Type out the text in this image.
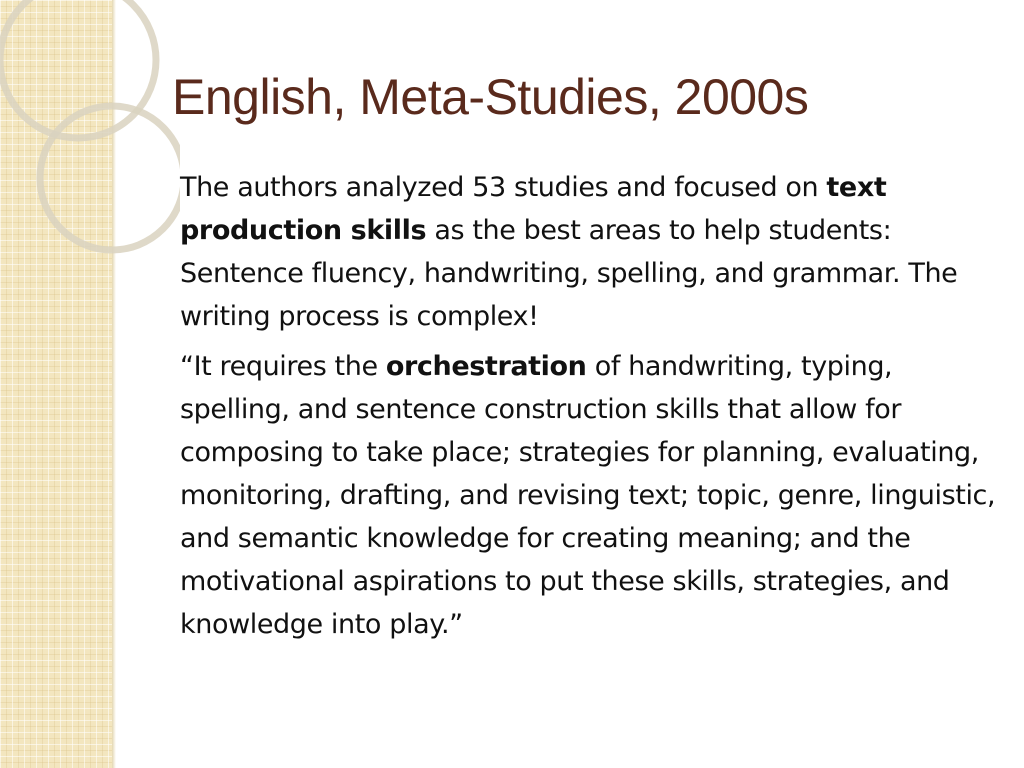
English, Meta-Studies, 2000s

The authors analyzed 53 studies and focused on text production skills as the best areas to help students: Sentence fluency, handwriting, spelling, and grammar. The writing process is complex!

“It requires the orchestration of handwriting, typing, spelling, and sentence construction skills that allow for composing to take place; strategies for planning, evaluating, monitoring, drafting, and revising text; topic, genre, linguistic, and semantic knowledge for creating meaning; and the motivational aspirations to put these skills, strategies, and knowledge into play.”
